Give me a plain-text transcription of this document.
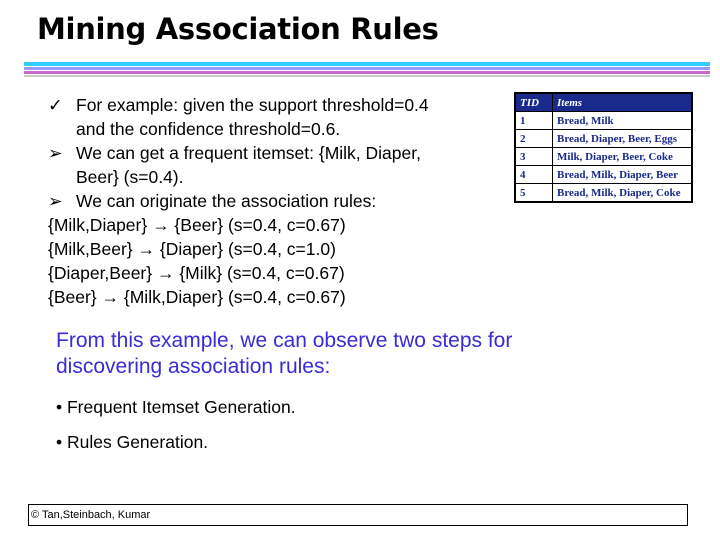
Mining Association Rules
✓ For example: given the support threshold=0.4
and the confidence threshold=0.6.
➢ We can get a frequent itemset: {Milk, Diaper,
Beer} (s=0.4).
➢ We can originate the association rules:
{Milk,Diaper} → {Beer} (s=0.4, c=0.67)
{Milk,Beer} → {Diaper} (s=0.4, c=1.0)
{Diaper,Beer} → {Milk} (s=0.4, c=0.67)
{Beer} → {Milk,Diaper} (s=0.4, c=0.67)
TID	Items
1	Bread, Milk
2	Bread, Diaper, Beer, Eggs
3	Milk, Diaper, Beer, Coke
4	Bread, Milk, Diaper, Beer
5	Bread, Milk, Diaper, Coke
From this example, we can observe two steps for discovering association rules:
• Frequent Itemset Generation.
• Rules Generation.
© Tan,Steinbach, Kumar
